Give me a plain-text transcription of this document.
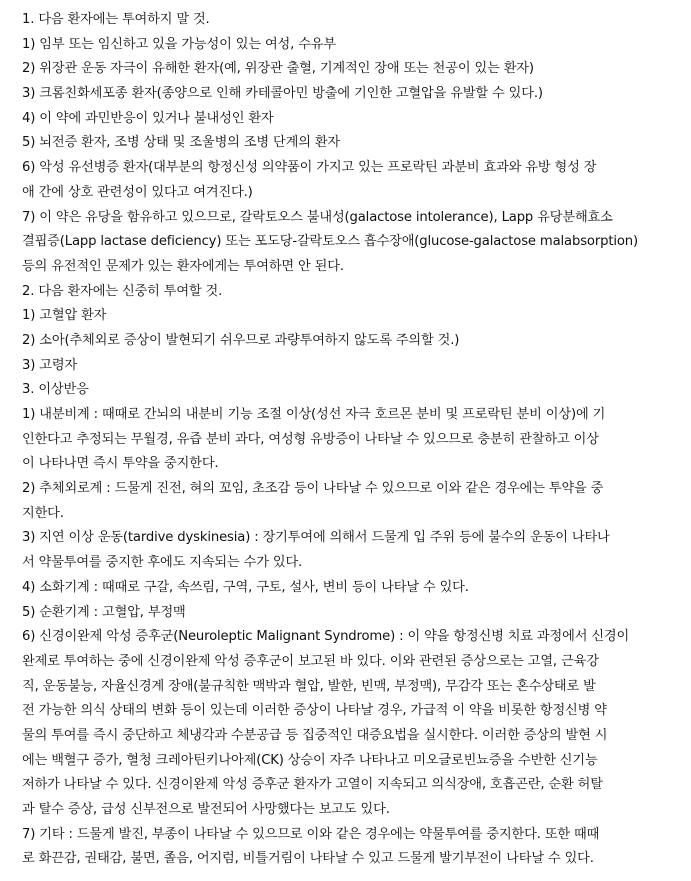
1. 다음 환자에는 투여하지 말 것.
1) 임부 또는 임신하고 있을 가능성이 있는 여성, 수유부
2) 위장관 운동 자극이 유해한 환자(예, 위장관 출혈, 기계적인 장애 또는 천공이 있는 환자)
3) 크롬친화세포종 환자(종양으로 인해 카테콜아민 방출에 기인한 고혈압을 유발할 수 있다.)
4) 이 약에 과민반응이 있거나 불내성인 환자
5) 뇌전증 환자, 조병 상태 및 조울병의 조병 단계의 환자
6) 악성 유선병증 환자(대부분의 항정신성 의약품이 가지고 있는 프로락틴 과분비 효과와 유방 형성 장
애 간에 상호 관련성이 있다고 여겨진다.)
7) 이 약은 유당을 함유하고 있으므로, 갈락토오스 불내성(galactose intolerance), Lapp 유당분해효소
결핍증(Lapp lactase deficiency) 또는 포도당-갈락토오스 흡수장애(glucose-galactose malabsorption)
등의 유전적인 문제가 있는 환자에게는 투여하면 안 된다.
2. 다음 환자에는 신중히 투여할 것.
1) 고혈압 환자
2) 소아(추체외로 증상이 발현되기 쉬우므로 과량투여하지 않도록 주의할 것.)
3) 고령자
3. 이상반응
1) 내분비계 : 때때로 간뇌의 내분비 기능 조절 이상(성선 자극 호르몬 분비 및 프로락틴 분비 이상)에 기
인한다고 추정되는 무월경, 유즙 분비 과다, 여성형 유방증이 나타날 수 있으므로 충분히 관찰하고 이상
이 나타나면 즉시 투약을 중지한다.
2) 추체외로계 : 드물게 진전, 혀의 꼬임, 초조감 등이 나타날 수 있으므로 이와 같은 경우에는 투약을 중
지한다.
3) 지연 이상 운동(tardive dyskinesia) : 장기투여에 의해서 드물게 입 주위 등에 불수의 운동이 나타나
서 약물투여를 중지한 후에도 지속되는 수가 있다.
4) 소화기계 : 때때로 구갈, 속쓰림, 구역, 구토, 설사, 변비 등이 나타날 수 있다.
5) 순환기계 : 고혈압, 부정맥
6) 신경이완제 악성 증후군(Neuroleptic Malignant Syndrome) : 이 약을 항정신병 치료 과정에서 신경이
완제로 투여하는 중에 신경이완제 악성 증후군이 보고된 바 있다. 이와 관련된 증상으로는 고열, 근육강
직, 운동불능, 자율신경계 장애(불규칙한 맥박과 혈압, 발한, 빈맥, 부정맥), 무감각 또는 혼수상태로 발
전 가능한 의식 상태의 변화 등이 있는데 이러한 증상이 나타날 경우, 가급적 이 약을 비롯한 항정신병 약
물의 투여를 즉시 중단하고 체냉각과 수분공급 등 집중적인 대증요법을 실시한다. 이러한 증상의 발현 시
에는 백혈구 증가, 혈청 크레아틴키나아제(CK) 상승이 자주 나타나고 미오글로빈뇨증을 수반한 신기능
저하가 나타날 수 있다. 신경이완제 악성 증후군 환자가 고열이 지속되고 의식장애, 호흡곤란, 순환 허탈
과 탈수 증상, 급성 신부전으로 발전되어 사망했다는 보고도 있다.
7) 기타 : 드물게 발진, 부종이 나타날 수 있으므로 이와 같은 경우에는 약물투여를 중지한다. 또한 때때
로 화끈감, 권태감, 불면, 졸음, 어지럼, 비틀거림이 나타날 수 있고 드물게 발기부전이 나타날 수 있다.
